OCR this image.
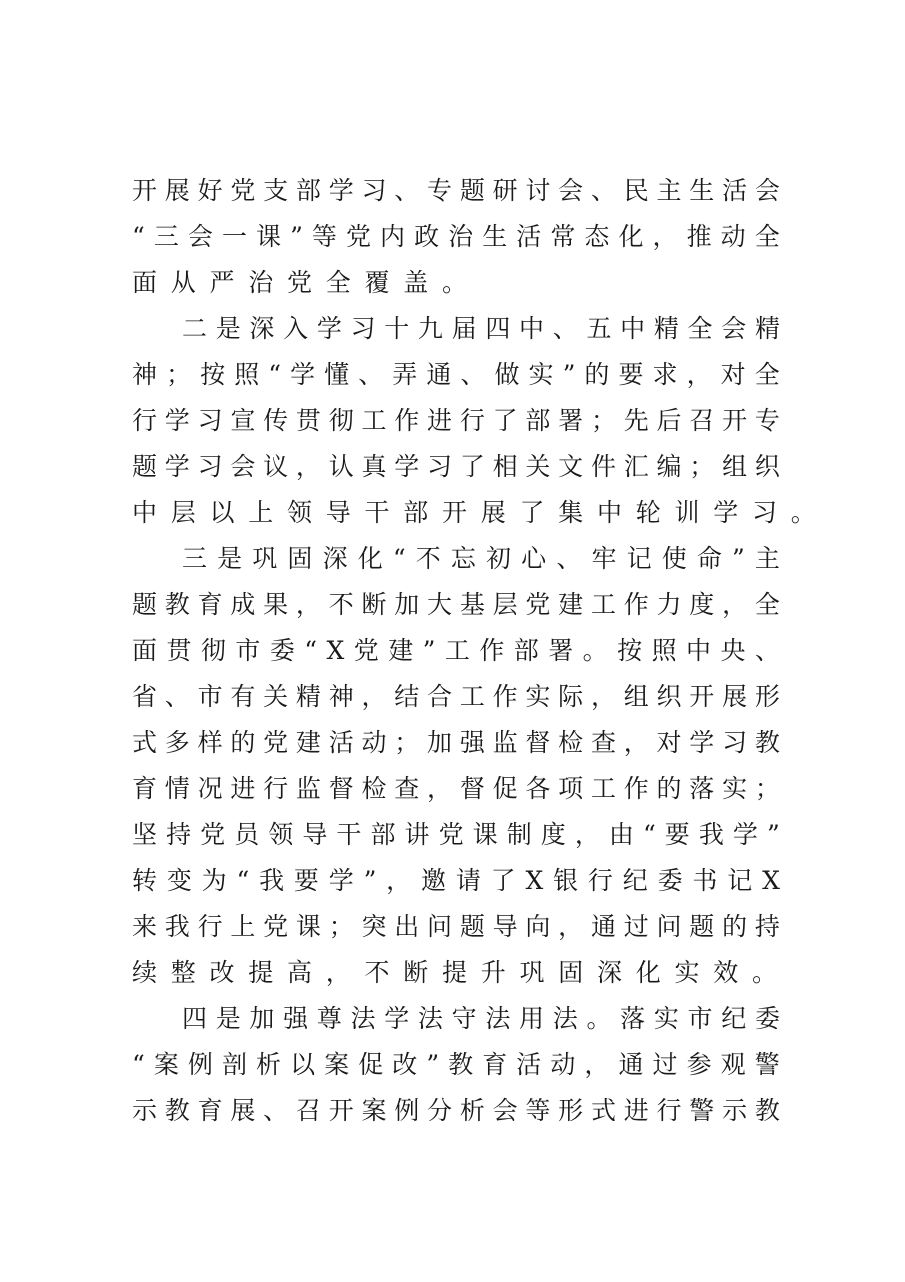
开 展 好 党 支 部 学 习 、 专 题 研 讨 会 、 民 主 生 活 会
“ 三 会 一 课 ” 等 党 内 政 治 生 活 常 态 化 ， 推 动 全
面从严治党全覆盖。
二 是 深 入 学 习 十 九 届 四 中 、 五 中 精 全 会 精
神 ； 按 照 “ 学 懂 、 弄 通 、 做 实 ” 的 要 求 ， 对 全
行 学 习 宣 传 贯 彻 工 作 进 行 了 部 署 ； 先 后 召 开 专
题 学 习 会 议 ， 认 真 学 习 了 相 关 文 件 汇 编 ； 组 织
中层以上领导干部开展了集中轮训学习。
三 是 巩 固 深 化 “ 不 忘 初 心 、 牢 记 使 命 ” 主
题 教 育 成 果 ， 不 断 加 大 基 层 党 建 工 作 力 度 ， 全
面 贯 彻 市 委 “ X 党 建 ” 工 作 部 署 。 按 照 中 央 、
省 、 市 有 关 精 神 ， 结 合 工 作 实 际 ， 组 织 开 展 形
式 多 样 的 党 建 活 动 ； 加 强 监 督 检 查 ， 对 学 习 教
育 情 况 进 行 监 督 检 查 ， 督 促 各 项 工 作 的 落 实 ；
坚 持 党 员 领 导 干 部 讲 党 课 制 度 ， 由 “ 要 我 学 ”
转 变 为 “ 我 要 学 ” ， 邀 请 了 X 银 行 纪 委 书 记 X
来 我 行 上 党 课 ； 突 出 问 题 导 向 ， 通 过 问 题 的 持
续整改提高，不断提升巩固深化实效。
四 是 加 强 尊 法 学 法 守 法 用 法 。 落 实 市 纪 委
“ 案 例 剖 析 以 案 促 改 ” 教 育 活 动 ， 通 过 参 观 警
示 教 育 展 、 召 开 案 例 分 析 会 等 形 式 进 行 警 示 教
